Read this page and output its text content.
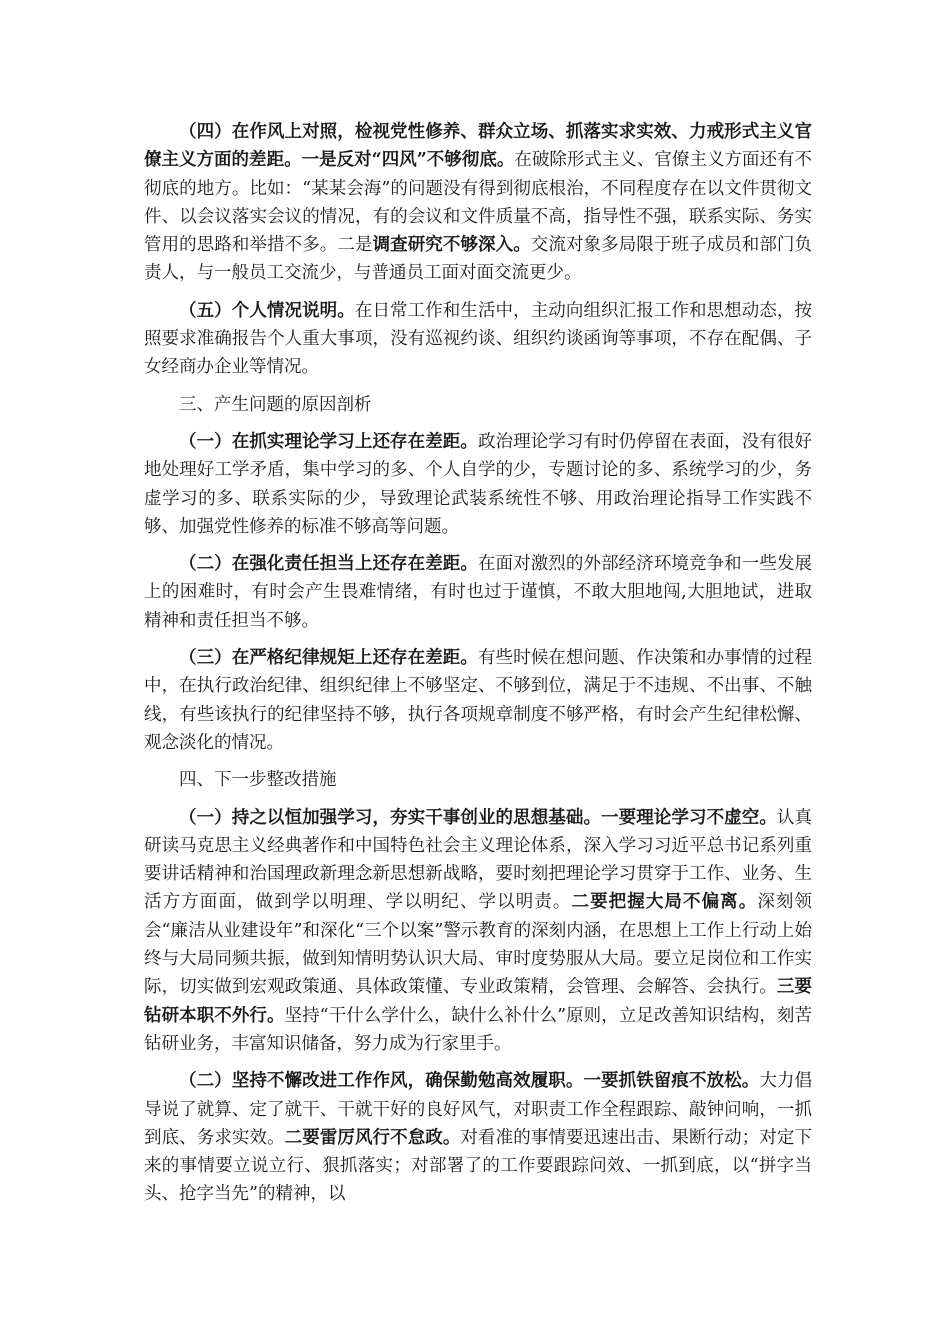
（四）在作风上对照，检视党性修养、群众立场、抓落实求实效、力戒形式主义官僚主义方面的差距。一是反对“四风”不够彻底。在破除形式主义、官僚主义方面还有不彻底的地方。比如：“某某会海”的问题没有得到彻底根治，不同程度存在以文件贯彻文件、以会议落实会议的情况，有的会议和文件质量不高，指导性不强，联系实际、务实管用的思路和举措不多。二是调查研究不够深入。交流对象多局限于班子成员和部门负责人，与一般员工交流少，与普通员工面对面交流更少。

（五）个人情况说明。在日常工作和生活中，主动向组织汇报工作和思想动态，按照要求准确报告个人重大事项，没有巡视约谈、组织约谈函询等事项，不存在配偶、子女经商办企业等情况。

三、产生问题的原因剖析

（一）在抓实理论学习上还存在差距。政治理论学习有时仍停留在表面，没有很好地处理好工学矛盾，集中学习的多、个人自学的少，专题讨论的多、系统学习的少，务虚学习的多、联系实际的少，导致理论武装系统性不够、用政治理论指导工作实践不够、加强党性修养的标准不够高等问题。

（二）在强化责任担当上还存在差距。在面对激烈的外部经济环境竞争和一些发展上的困难时，有时会产生畏难情绪，有时也过于谨慎，不敢大胆地闯,大胆地试，进取精神和责任担当不够。

（三）在严格纪律规矩上还存在差距。有些时候在想问题、作决策和办事情的过程中，在执行政治纪律、组织纪律上不够坚定、不够到位，满足于不违规、不出事、不触线，有些该执行的纪律坚持不够，执行各项规章制度不够严格，有时会产生纪律松懈、观念淡化的情况。

四、下一步整改措施

（一）持之以恒加强学习，夯实干事创业的思想基础。一要理论学习不虚空。认真研读马克思主义经典著作和中国特色社会主义理论体系，深入学习习近平总书记系列重要讲话精神和治国理政新理念新思想新战略，要时刻把理论学习贯穿于工作、业务、生活方方面面，做到学以明理、学以明纪、学以明责。二要把握大局不偏离。深刻领会“廉洁从业建设年”和深化“三个以案”警示教育的深刻内涵，在思想上工作上行动上始终与大局同频共振，做到知情明势认识大局、审时度势服从大局。要立足岗位和工作实际，切实做到宏观政策通、具体政策懂、专业政策精，会管理、会解答、会执行。三要钻研本职不外行。坚持“干什么学什么，缺什么补什么”原则，立足改善知识结构，刻苦钻研业务，丰富知识储备，努力成为行家里手。

（二）坚持不懈改进工作作风，确保勤勉高效履职。一要抓铁留痕不放松。大力倡导说了就算、定了就干、干就干好的良好风气，对职责工作全程跟踪、敲钟问响，一抓到底、务求实效。二要雷厉风行不怠政。对看准的事情要迅速出击、果断行动；对定下来的事情要立说立行、狠抓落实；对部署了的工作要跟踪问效、一抓到底，以“拼字当头、抢字当先”的精神，以
